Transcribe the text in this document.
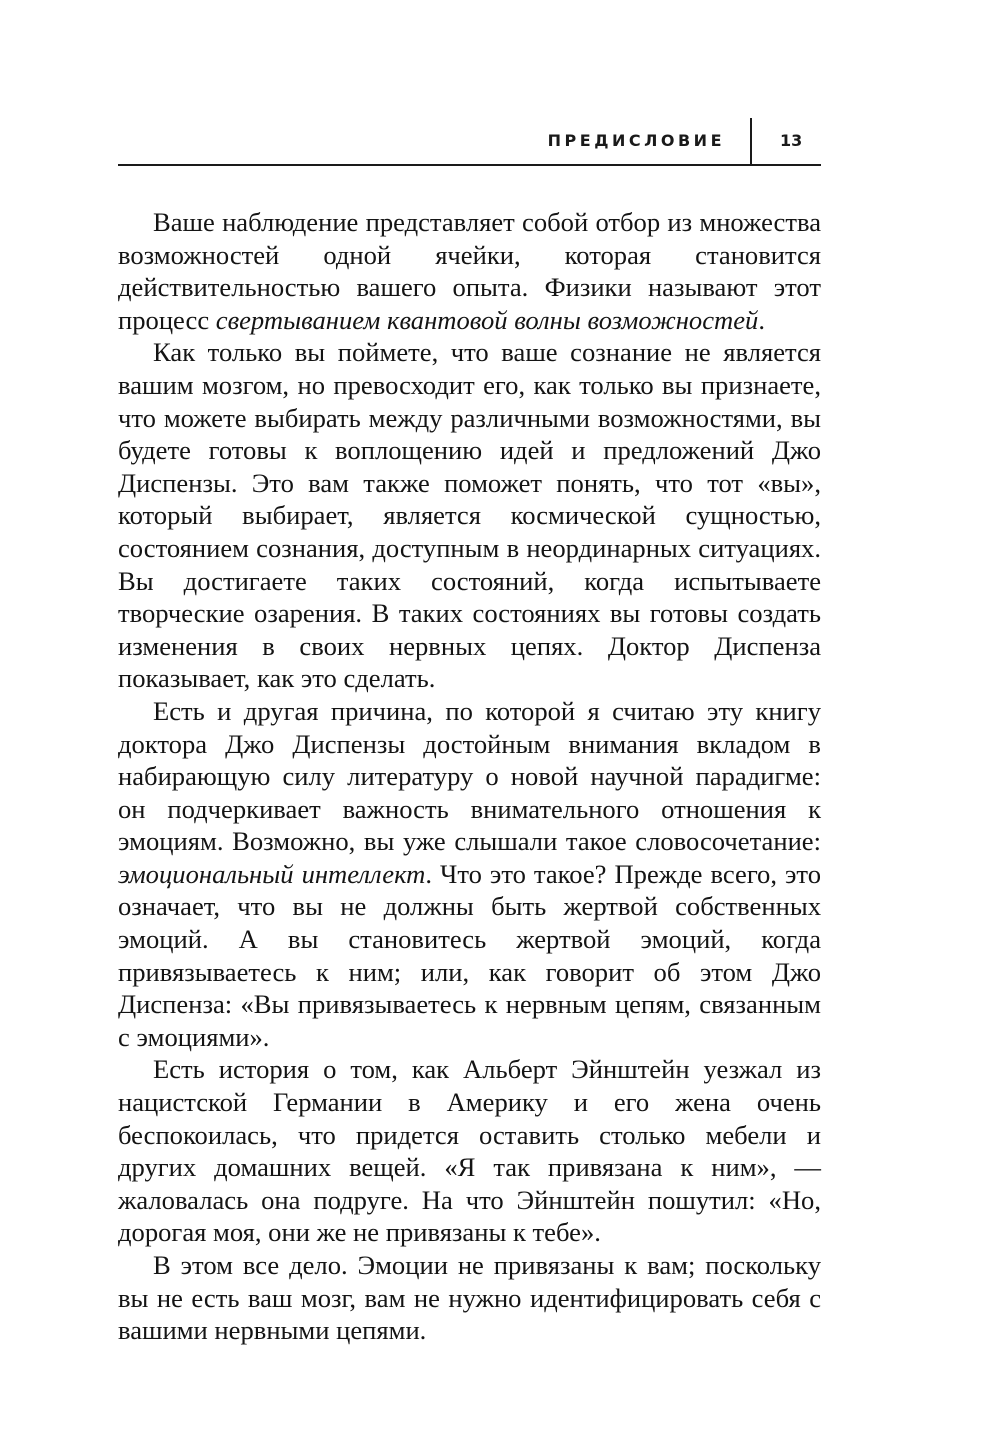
ПРЕДИСЛОВИЕ	13

Ваше наблюдение представляет собой отбор из множества возможностей одной ячейки, которая становится действительностью вашего опыта. Физики называют этот процесс свертыванием квантовой волны возможностей.

Как только вы поймете, что ваше сознание не является вашим мозгом, но превосходит его, как только вы признаете, что можете выбирать между различными возможностями, вы будете готовы к воплощению идей и предложений Джо Диспензы. Это вам также поможет понять, что тот «вы», который выбирает, является космической сущностью, состоянием сознания, доступным в неординарных ситуациях. Вы достигаете таких состояний, когда испытываете творческие озарения. В таких состояниях вы готовы создать изменения в своих нервных цепях. Доктор Диспенза показывает, как это сделать.

Есть и другая причина, по которой я считаю эту книгу доктора Джо Диспензы достойным внимания вкладом в набирающую силу литературу о новой научной парадигме: он подчеркивает важность внимательного отношения к эмоциям. Возможно, вы уже слышали такое словосочетание: эмоциональный интеллект. Что это такое? Прежде всего, это означает, что вы не должны быть жертвой собственных эмоций. А вы становитесь жертвой эмоций, когда привязываетесь к ним; или, как говорит об этом Джо Диспенза: «Вы привязываетесь к нервным цепям, связанным с эмоциями».

Есть история о том, как Альберт Эйнштейн уезжал из нацистской Германии в Америку и его жена очень беспокоилась, что придется оставить столько мебели и других домашних вещей. «Я так привязана к ним», — жаловалась она подруге. На что Эйнштейн пошутил: «Но, дорогая моя, они же не привязаны к тебе».

В этом все дело. Эмоции не привязаны к вам; поскольку вы не есть ваш мозг, вам не нужно идентифицировать себя с вашими нервными цепями.
